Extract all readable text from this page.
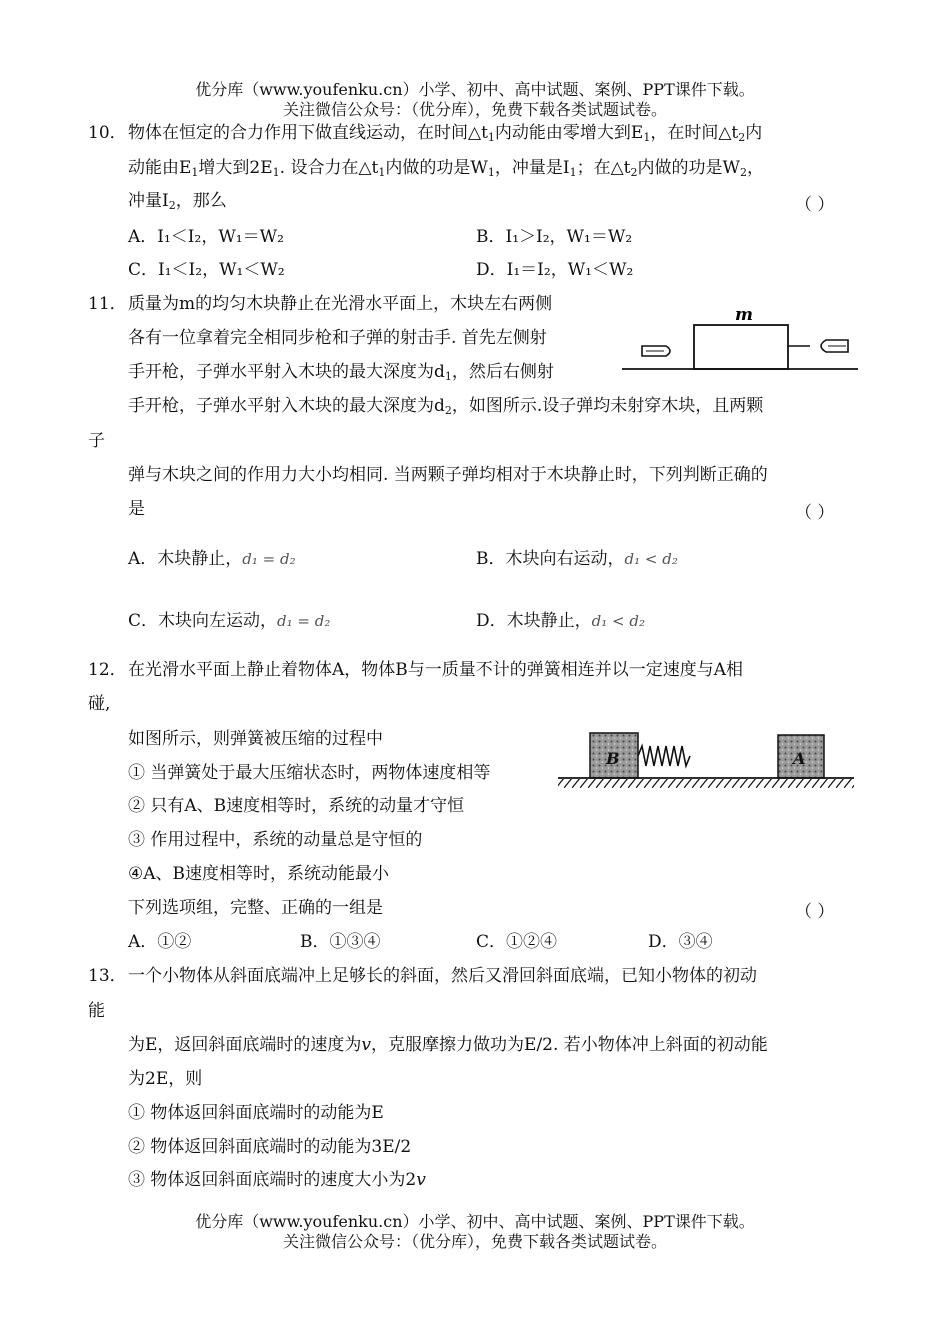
优分库（www.youfenku.cn）小学、初中、高中试题、案例、PPT课件下载。
关注微信公众号：（优分库），免费下载各类试题试卷。
10． 物体在恒定的合力作用下做直线运动，在时间$\triangle t_1$内动能由零增大到$E_1$，在时间$\triangle t_2$内
动能由$E_1$增大到$2E_1$. 设合力在$\triangle t_1$内做的功是$W_1$，冲量是$I_1$；在$\triangle t_2$内做的功是$W_2$，
冲量$I_2$，那么	（ ）
A．I₁＜I₂，W₁＝W₂	B．I₁＞I₂，W₁＝W₂
C．I₁＜I₂，W₁＜W₂	D．I₁＝I₂，W₁＜W₂
11． 质量为m的均匀木块静止在光滑水平面上，木块左右两侧
各有一位拿着完全相同步枪和子弹的射击手. 首先左侧射
手开枪，子弹水平射入木块的最大深度为$d_1$，然后右侧射
手开枪，子弹水平射入木块的最大深度为$d_2$，如图所示.设子弹均未射穿木块，且两颗
子
弹与木块之间的作用力大小均相同. 当两颗子弹均相对于木块静止时，下列判断正确的
是	（ ）
m
A．木块静止，d₁ = d₂	B．木块向右运动，d₁ < d₂
C．木块向左运动，d₁ = d₂	D．木块静止，d₁ < d₂
12． 在光滑水平面上静止着物体A，物体B与一质量不计的弹簧相连并以一定速度与A相
碰,
如图所示，则弹簧被压缩的过程中
① 当弹簧处于最大压缩状态时，两物体速度相等
② 只有A、B速度相等时，系统的动量才守恒
③ 作用过程中，系统的动量总是守恒的
④A、B速度相等时，系统动能最小
下列选项组，完整、正确的一组是	（ ）
B	A
A．①②	B．①③④	C．①②④	D．③④
13． 一个小物体从斜面底端冲上足够长的斜面，然后又滑回斜面底端，已知小物体的初动
能
为E，返回斜面底端时的速度为v，克服摩擦力做功为E/2. 若小物体冲上斜面的初动能
为2E，则
① 物体返回斜面底端时的动能为E
② 物体返回斜面底端时的动能为3E/2
③ 物体返回斜面底端时的速度大小为2v
优分库（www.youfenku.cn）小学、初中、高中试题、案例、PPT课件下载。
关注微信公众号：（优分库），免费下载各类试题试卷。
